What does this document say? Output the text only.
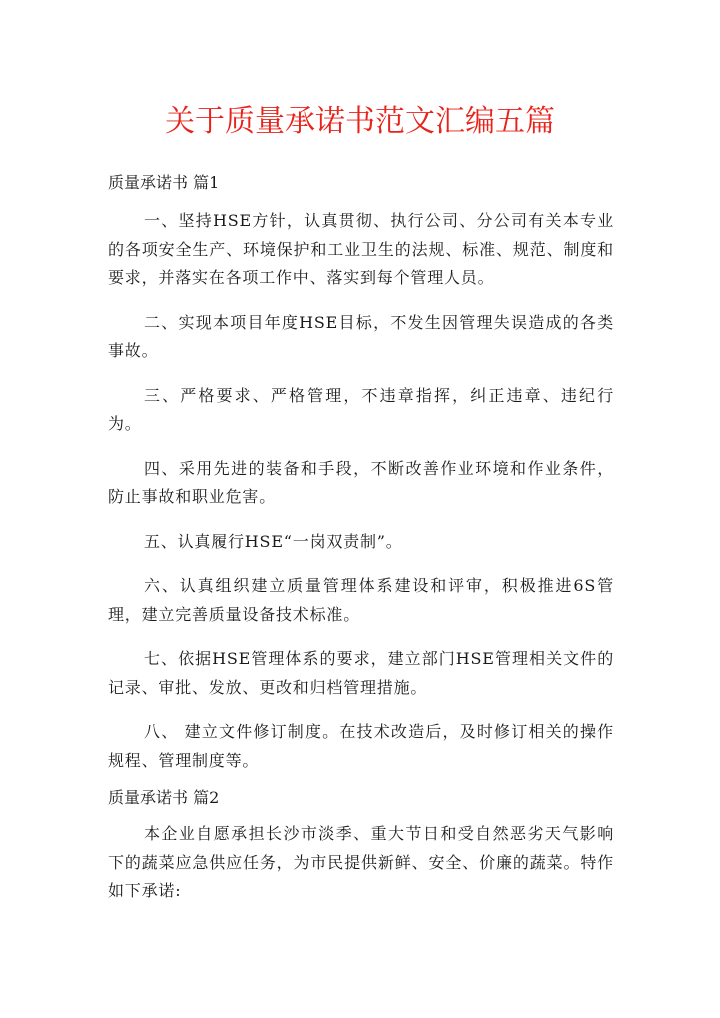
关于质量承诺书范文汇编五篇
质量承诺书 篇1

一、坚持HSE方针，认真贯彻、执行公司、分公司有关本专业的各项安全生产、环境保护和工业卫生的法规、标准、规范、制度和要求，并落实在各项工作中、落实到每个管理人员。

二、实现本项目年度HSE目标，不发生因管理失误造成的各类事故。

三、严格要求、严格管理，不违章指挥，纠正违章、违纪行为。

四、采用先进的装备和手段，不断改善作业环境和作业条件，防止事故和职业危害。

五、认真履行HSE“一岗双责制”。

六、认真组织建立质量管理体系建设和评审，积极推进6S管理，建立完善质量设备技术标准。

七、依据HSE管理体系的要求，建立部门HSE管理相关文件的记录、审批、发放、更改和归档管理措施。

八、 建立文件修订制度。在技术改造后，及时修订相关的操作规程、管理制度等。

质量承诺书 篇2

本企业自愿承担长沙市淡季、重大节日和受自然恶劣天气影响下的蔬菜应急供应任务，为市民提供新鲜、安全、价廉的蔬菜。特作如下承诺:
